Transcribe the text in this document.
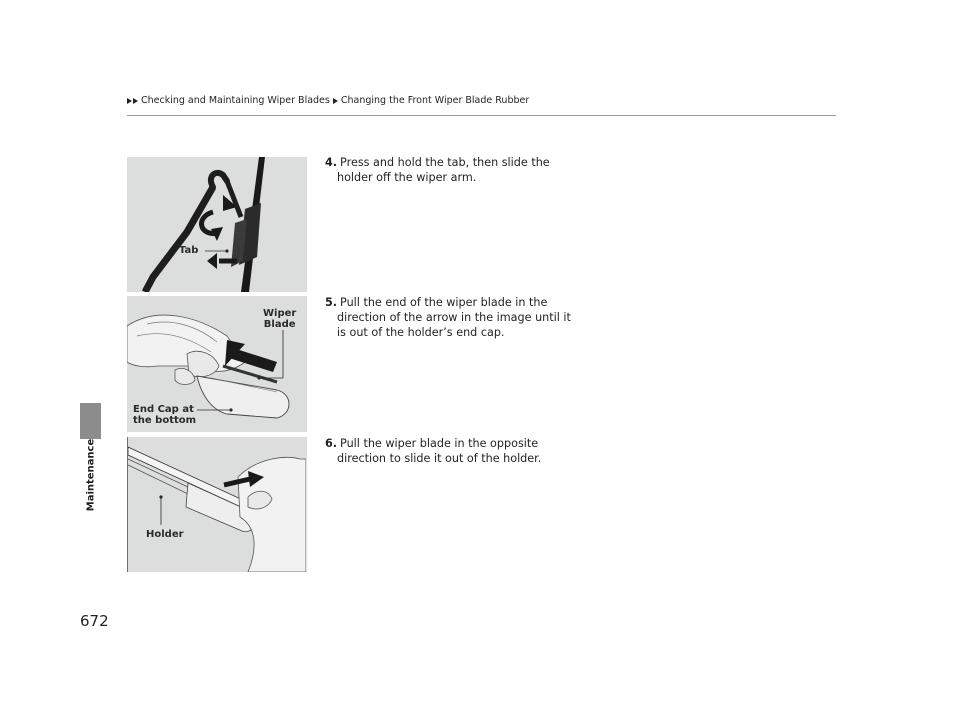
Checking and Maintaining Wiper Blades Changing the Front Wiper Blade Rubber
Maintenance
672
Tab
Wiper
Blade
End Cap at
the bottom
Holder
4. Press and hold the tab, then slide the
holder off the wiper arm.
5. Pull the end of the wiper blade in the
direction of the arrow in the image until it is out of the holder’s end cap.
6. Pull the wiper blade in the opposite
direction to slide it out of the holder.
